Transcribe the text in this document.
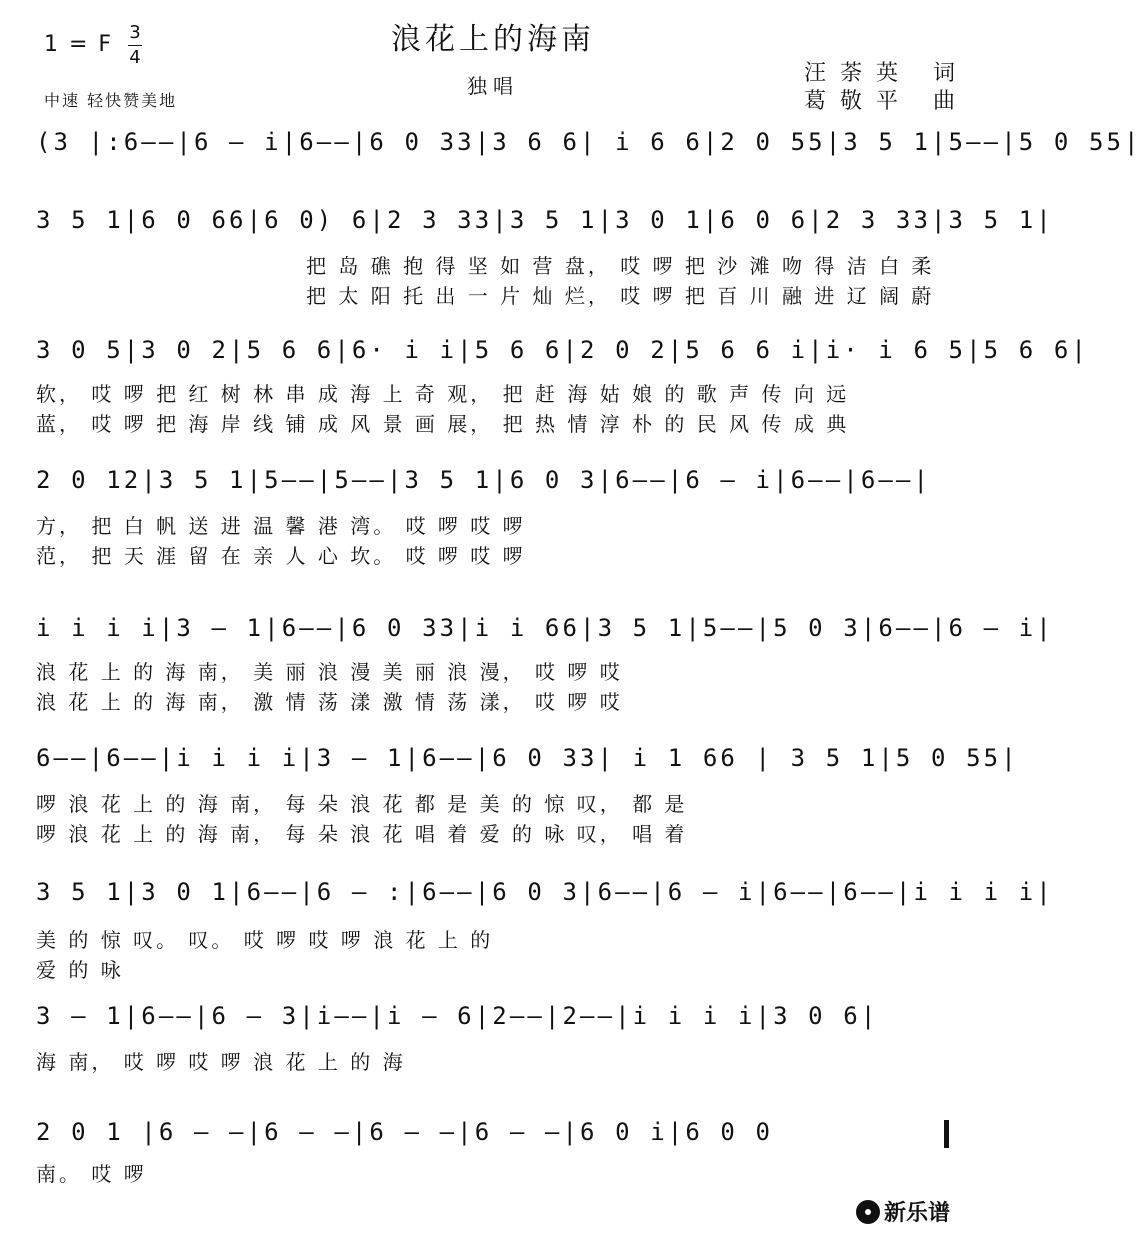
浪花上的海南
独唱
1 = F 3
4
中速 轻快赞美地
汪荼英 词
葛敬平 曲
(3 |:6——|6 — i|6——|6 0 33|3 6 6| i 6 6|2 0 55|3 5 1|5——|5 0 55|
3 5 1|6 0 66|6 0) 6|2 3 33|3 5 1|3 0 1|6 0 6|2 3 33|3 5 1|
把 岛 礁 抱 得 坚 如 营 盘， 哎 啰 把 沙 滩 吻 得 洁 白 柔
把 太 阳 托 出 一 片 灿 烂， 哎 啰 把 百 川 融 进 辽 阔 蔚
3 0 5|3 0 2|5 6 6|6· i i|5 6 6|2 0 2|5 6 6 i|i· i 6 5|5 6 6|
软， 哎 啰 把 红 树 林 串 成 海 上 奇 观， 把 赶 海 姑 娘 的 歌 声 传 向 远
蓝， 哎 啰 把 海 岸 线 铺 成 风 景 画 展， 把 热 情 淳 朴 的 民 风 传 成 典
2 0 12|3 5 1|5——|5——|3 5 1|6 0 3|6——|6 — i|6——|6——|
方， 把 白 帆 送 进 温 馨 港 湾。 哎 啰 哎 啰
范， 把 天 涯 留 在 亲 人 心 坎。 哎 啰 哎 啰
i i i i|3 — 1|6——|6 0 33|i i 66|3 5 1|5——|5 0 3|6——|6 — i|
浪 花 上 的 海 南， 美 丽 浪 漫 美 丽 浪 漫， 哎 啰 哎
浪 花 上 的 海 南， 激 情 荡 漾 激 情 荡 漾， 哎 啰 哎
6——|6——|i i i i|3 — 1|6——|6 0 33| i 1 66 | 3 5 1|5 0 55|
啰 浪 花 上 的 海 南， 每 朵 浪 花 都 是 美 的 惊 叹， 都 是
啰 浪 花 上 的 海 南， 每 朵 浪 花 唱 着 爱 的 咏 叹， 唱 着
3 5 1|3 0 1|6——|6 — :|6——|6 0 3|6——|6 — i|6——|6——|i i i i|
美 的 惊 叹。 叹。 哎 啰 哎 啰 浪 花 上 的
爱 的 咏
3 — 1|6——|6 — 3|i——|i — 6|2——|2——|i i i i|3 0 6|
海 南， 哎 啰 哎 啰 浪 花 上 的 海
2 0 1 |6 — —|6 — —|6 — —|6 — —|6 0 i|6 0 0
南。 哎 啰
新乐谱
